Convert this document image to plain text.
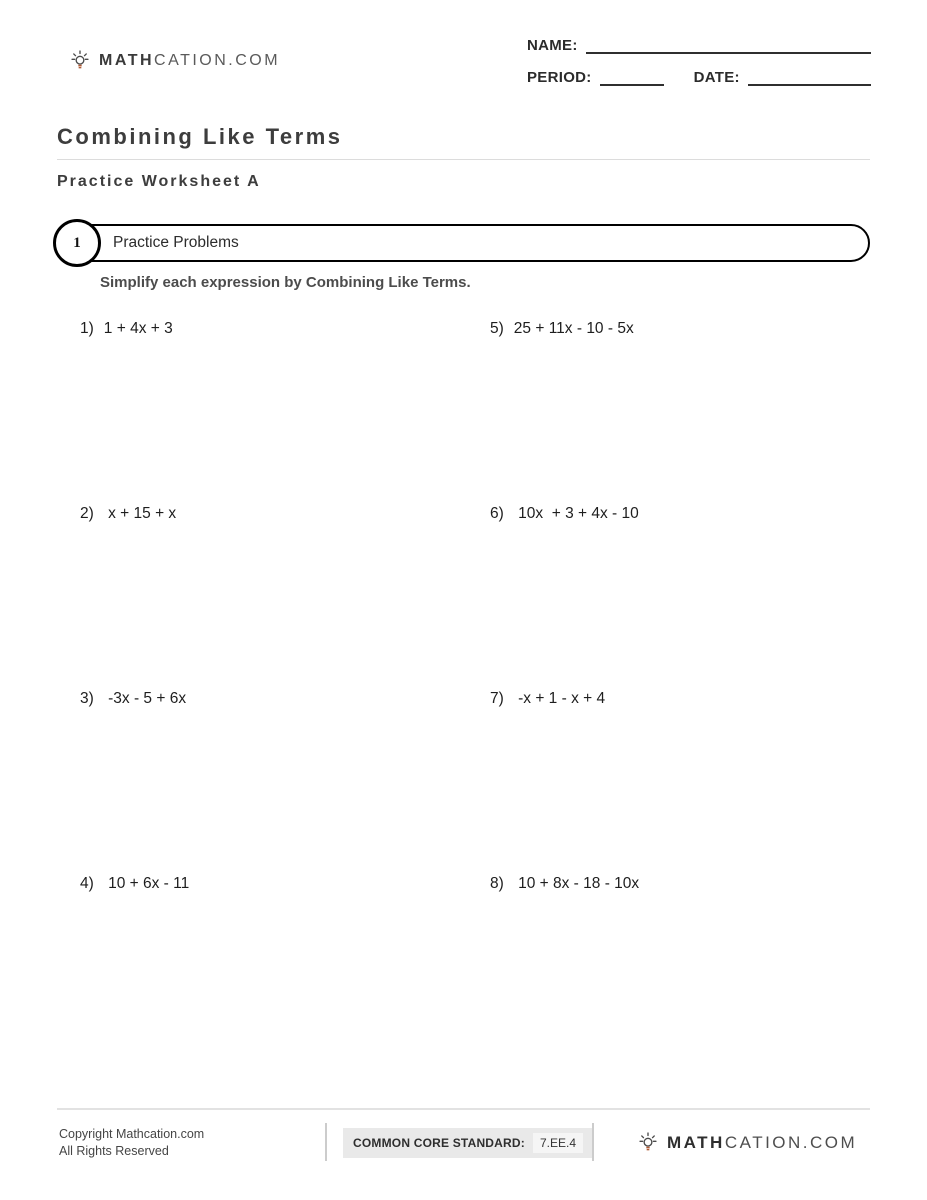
MATHCATION.COM
NAME:
PERIOD:	DATE:
Combining Like Terms
Practice Worksheet A
1	Practice Problems
Simplify each expression by Combining Like Terms.
1) 1 + 4x + 3
2) x + 15 + x
3) -3x - 5 + 6x
4) 10 + 6x - 11
5) 25 + 11x - 10 - 5x
6) 10x  + 3 + 4x - 10
7) -x + 1 - x + 4
8) 10 + 8x - 18 - 10x
Copyright Mathcation.com
All Rights Reserved
COMMON CORE STANDARD:	7.EE.4	MATHCATION.COM
